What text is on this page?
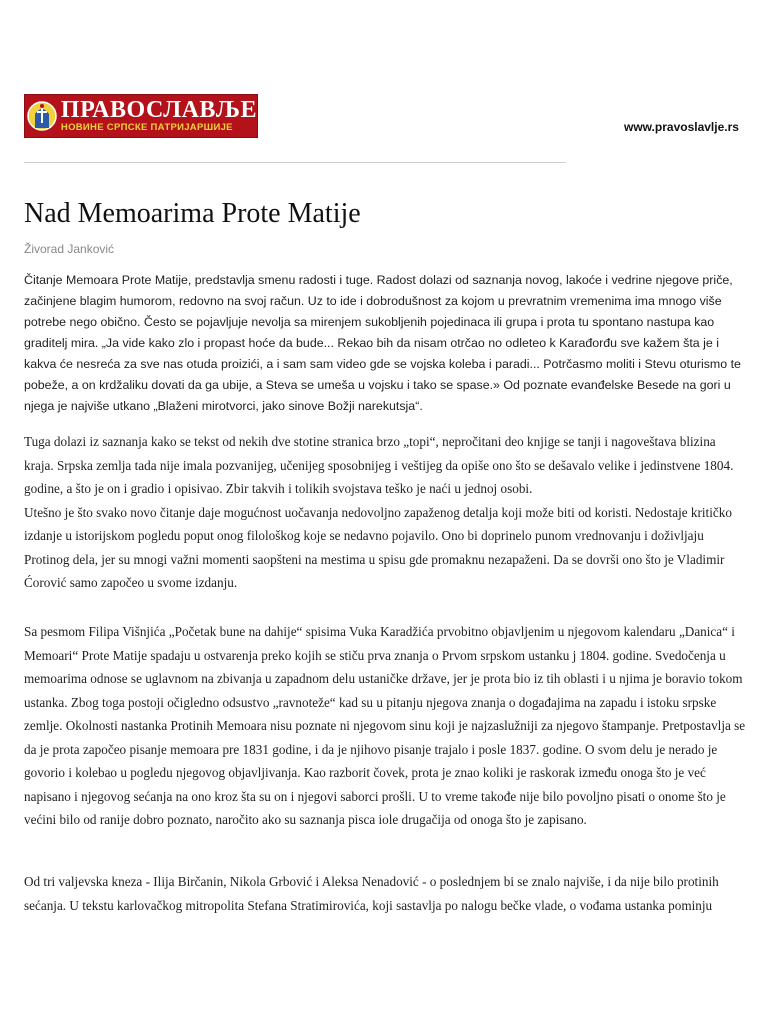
ПРАВОСЛАВЉЕ
НОВИНЕ СРПСКЕ ПАТРИЈАРШИЈЕ	www.pravoslavlje.rs
Nad Memoarima Prote Matije
Živorad Janković

Čitanje Memoara Prote Matije, predstavlja smenu radosti i tuge. Radost dolazi od saznanja novog, lakoće i vedrine njegove priče, začinjene blagim humorom, redovno na svoj račun. Uz to ide i dobrodušnost za kojom u prevratnim vremenima ima mnogo više potrebe nego obično. Često se pojavljuje nevolja sa mirenjem sukobljenih pojedinaca ili grupa i prota tu spontano nastupa kao graditelj mira. „Ja vide kako zlo i propast hoće da bude... Rekao bih da nisam otrčao no odleteo k Karađorđu sve kažem šta je i kakva će nesreća za sve nas otuda proizići, a i sam sam video gde se vojska koleba i paradi... Potrčasmo moliti i Stevu oturismo te pobeže, a on krdžaliku dovati da ga ubije, a Steva se umeša u vojsku i tako se spase.» Od poznate evanđelske Besede na gori u njega je najviše utkano „Blaženi mirotvorci, jako sinove Božji narekutsja“.

Tuga dolazi iz saznanja kako se tekst od nekih dve stotine stranica brzo „topi“, nepročitani deo knjige se tanji i nagoveštava blizina kraja. Srpska zemlja tada nije imala pozvanijeg, učenijeg sposobnijeg i veštijeg da opiše ono što se dešavalo velike i jedinstvene 1804. godine, a što je on i gradio i opisivao. Zbir takvih i tolikih svojstava teško je naći u jednoj osobi.
Utešno je što svako novo čitanje daje mogućnost uočavanja nedovoljno zapaženog detalja koji može biti od koristi. Nedostaje kritičko izdanje u istorijskom pogledu poput onog filološkog koje se nedavno pojavilo. Ono bi doprinelo punom vrednovanju i doživljaju Protinog dela, jer su mnogi važni momenti saopšteni na mestima u spisu gde promaknu nezapaženi. Da se dovrši ono što je Vladimir Ćorović samo započeo u svome izdanju.

Sa pesmom Filipa Višnjića „Početak bune na dahije“ spisima Vuka Karadžića prvobitno objavljenim u njegovom kalendaru „Danica“ i Memoari“ Prote Matije spadaju u ostvarenja preko kojih se stiču prva znanja o Prvom srpskom ustanku j 1804. godine. Svedočenja u memoarima odnose se uglavnom na zbivanja u zapadnom delu ustaničke države, jer je prota bio iz tih oblasti i u njima je boravio tokom ustanka. Zbog toga postoji očigledno odsustvo „ravnoteže“ kad su u pitanju njegova znanja o događajima na zapadu i istoku srpske zemlje. Okolnosti nastanka Protinih Memoara nisu poznate ni njegovom sinu koji je najzaslužniji za njegovo štampanje. Pretpostavlja se da je prota započeo pisanje memoara pre 1831 godine, i da je njihovo pisanje trajalo i posle 1837. godine. O svom delu je nerado je govorio i kolebao u pogledu njegovog objavljivanja. Kao razborit čovek, prota je znao koliki je raskorak između onoga što je već napisano i njegovog sećanja na ono kroz šta su on i njegovi saborci prošli. U to vreme takođe nije bilo povoljno pisati o onome što je većini bilo od ranije dobro poznato, naročito ako su saznanja pisca iole drugačija od onoga što je zapisano.

Od tri valjevska kneza - Ilija Birčanin, Nikola Grbović i Aleksa Nenadović - o poslednjem bi se znalo najviše, i da nije bilo protinih sećanja. U tekstu karlovačkog mitropolita Stefana Stratimirovića, koji sastavlja po nalogu bečke vlade, o vođama ustanka pominju
